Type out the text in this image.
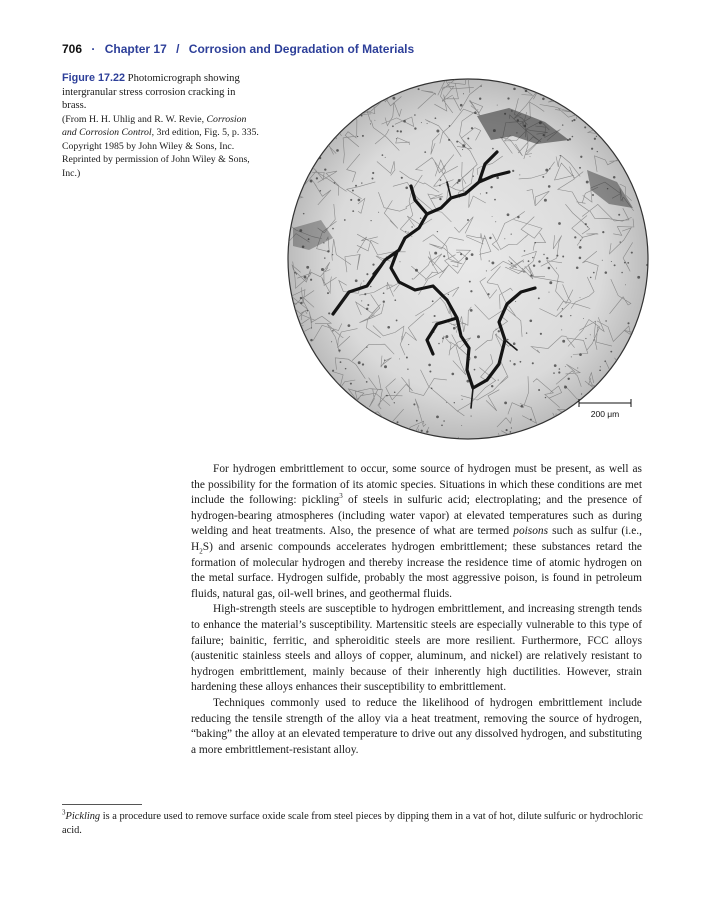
706 · Chapter 17 / Corrosion and Degradation of Materials
Figure 17.22 Photomicrograph showing intergranular stress corrosion cracking in brass.
(From H. H. Uhlig and R. W. Revie, Corrosion and Corrosion Control, 3rd edition, Fig. 5, p. 335. Copyright 1985 by John Wiley & Sons, Inc. Reprinted by permission of John Wiley & Sons, Inc.)
200 μm

For hydrogen embrittlement to occur, some source of hydrogen must be present, as well as the possibility for the formation of its atomic species. Situations in which these conditions are met include the following: pickling$^3$ of steels in sulfuric acid; electroplating; and the presence of hydrogen-bearing atmospheres (including water vapor) at elevated temperatures such as during welding and heat treatments. Also, the presence of what are termed poisons such as sulfur (i.e., $H_2S$) and arsenic compounds accelerates hydrogen embrittlement; these substances retard the formation of molecular hydrogen and thereby increase the residence time of atomic hydrogen on the metal surface. Hydrogen sulfide, probably the most aggressive poison, is found in petroleum fluids, natural gas, oil-well brines, and geothermal fluids.

High-strength steels are susceptible to hydrogen embrittlement, and increasing strength tends to enhance the material’s susceptibility. Martensitic steels are especially vulnerable to this type of failure; bainitic, ferritic, and spheroiditic steels are more resilient. Furthermore, FCC alloys (austenitic stainless steels and alloys of copper, aluminum, and nickel) are relatively resistant to hydrogen embrittlement, mainly because of their inherently high ductilities. However, strain hardening these alloys enhances their susceptibility to embrittlement.

Techniques commonly used to reduce the likelihood of hydrogen embrittlement include reducing the tensile strength of the alloy via a heat treatment, removing the source of hydrogen, “baking” the alloy at an elevated temperature to drive out any dissolved hydrogen, and substituting a more embrittlement-resistant alloy.

$^3$Pickling is a procedure used to remove surface oxide scale from steel pieces by dipping them in a vat of hot, dilute sulfuric or hydrochloric acid.
